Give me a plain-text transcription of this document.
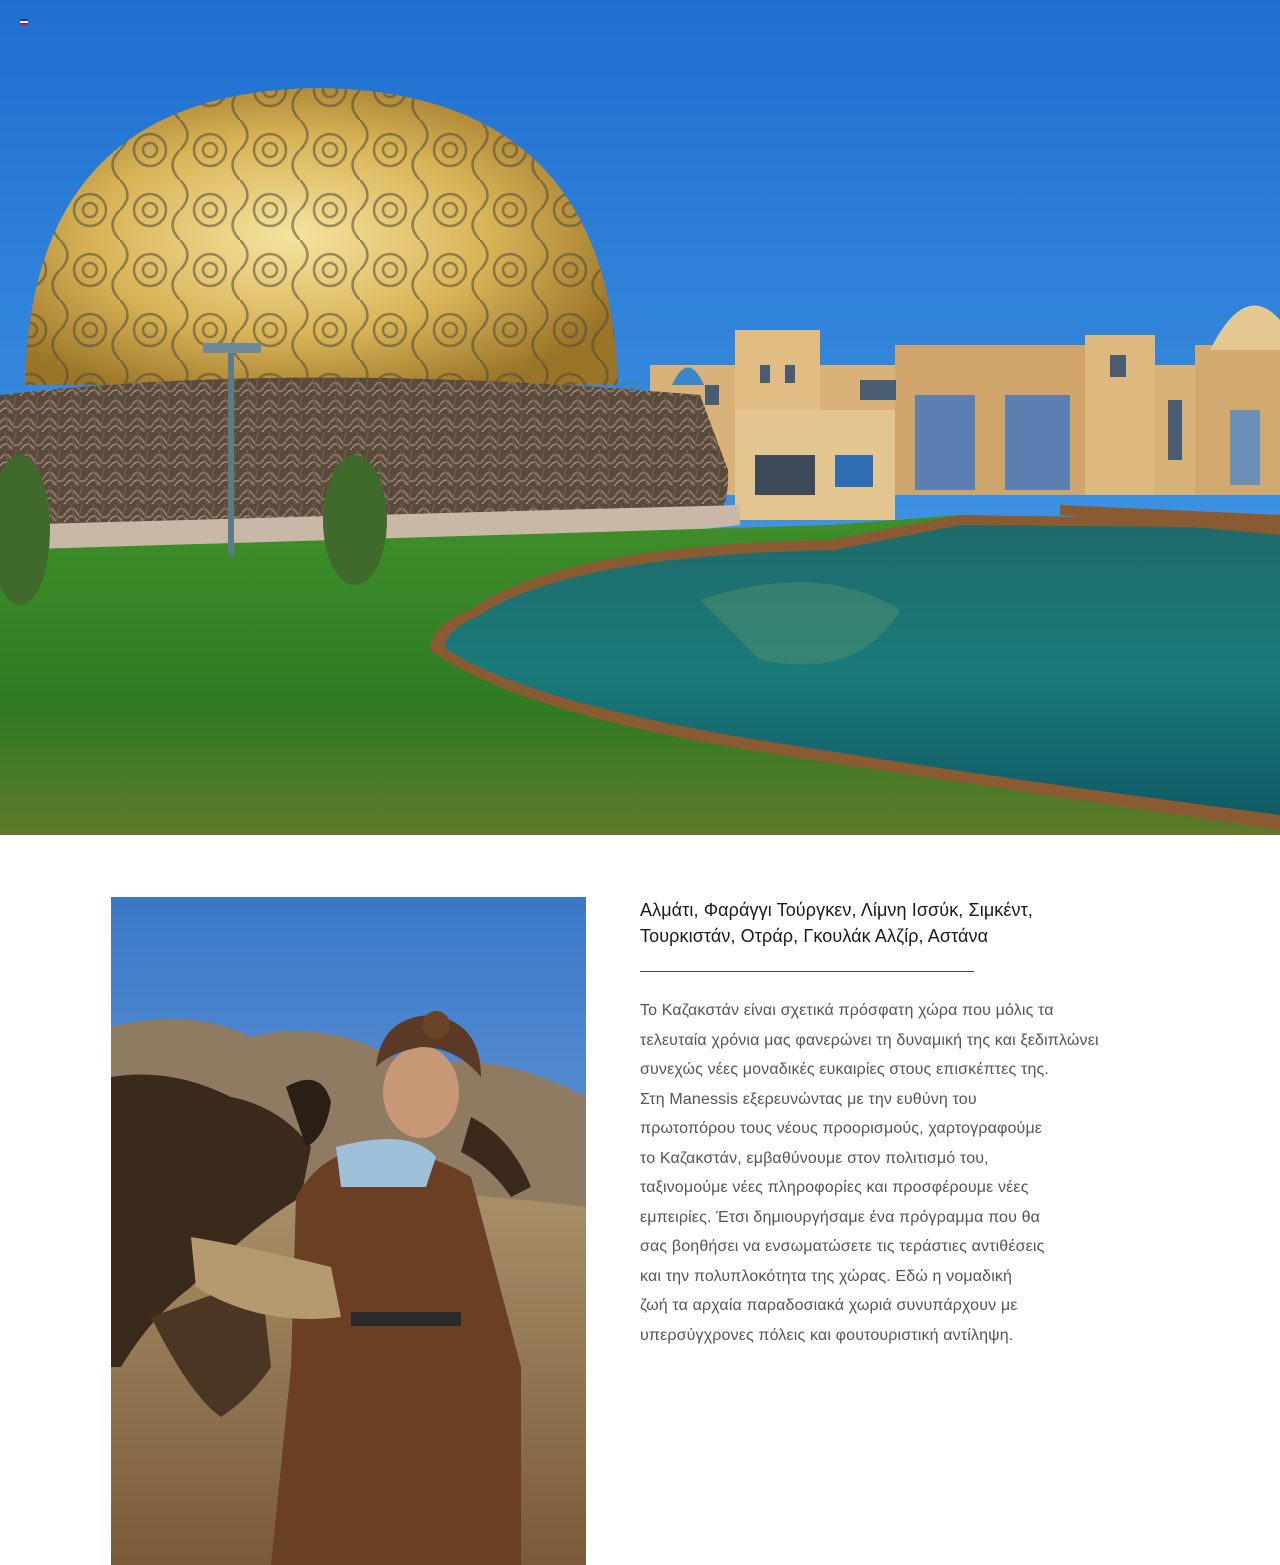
Αλμάτι, Φαράγγι Τούργκεν, Λίμνη Ισσύκ, Σιμκέντ,
Τουρκιστάν, Οτράρ, Γκουλάκ Αλζίρ, Αστάνα
Το Καζακστάν είναι σχετικά πρόσφατη χώρα που μόλις τα
τελευταία χρόνια μας φανερώνει τη δυναμική της και ξεδιπλώνει
συνεχώς νέες μοναδικές ευκαιρίες στους επισκέπτες της.
Στη Manessis εξερευνώντας με την ευθύνη του
πρωτοπόρου τους νέους προορισμούς, χαρτογραφούμε
το Καζακστάν, εμβαθύνουμε στον πολιτισμό του,
ταξινομούμε νέες πληροφορίες και προσφέρουμε νέες
εμπειρίες. Έτσι δημιουργήσαμε ένα πρόγραμμα που θα
σας βοηθήσει να ενσωματώσετε τις τεράστιες αντιθέσεις
και την πολυπλοκότητα της χώρας. Εδώ η νομαδική
ζωή τα αρχαία παραδοσιακά χωριά συνυπάρχουν με
υπερσύγχρονες πόλεις και φουτουριστική αντίληψη.
